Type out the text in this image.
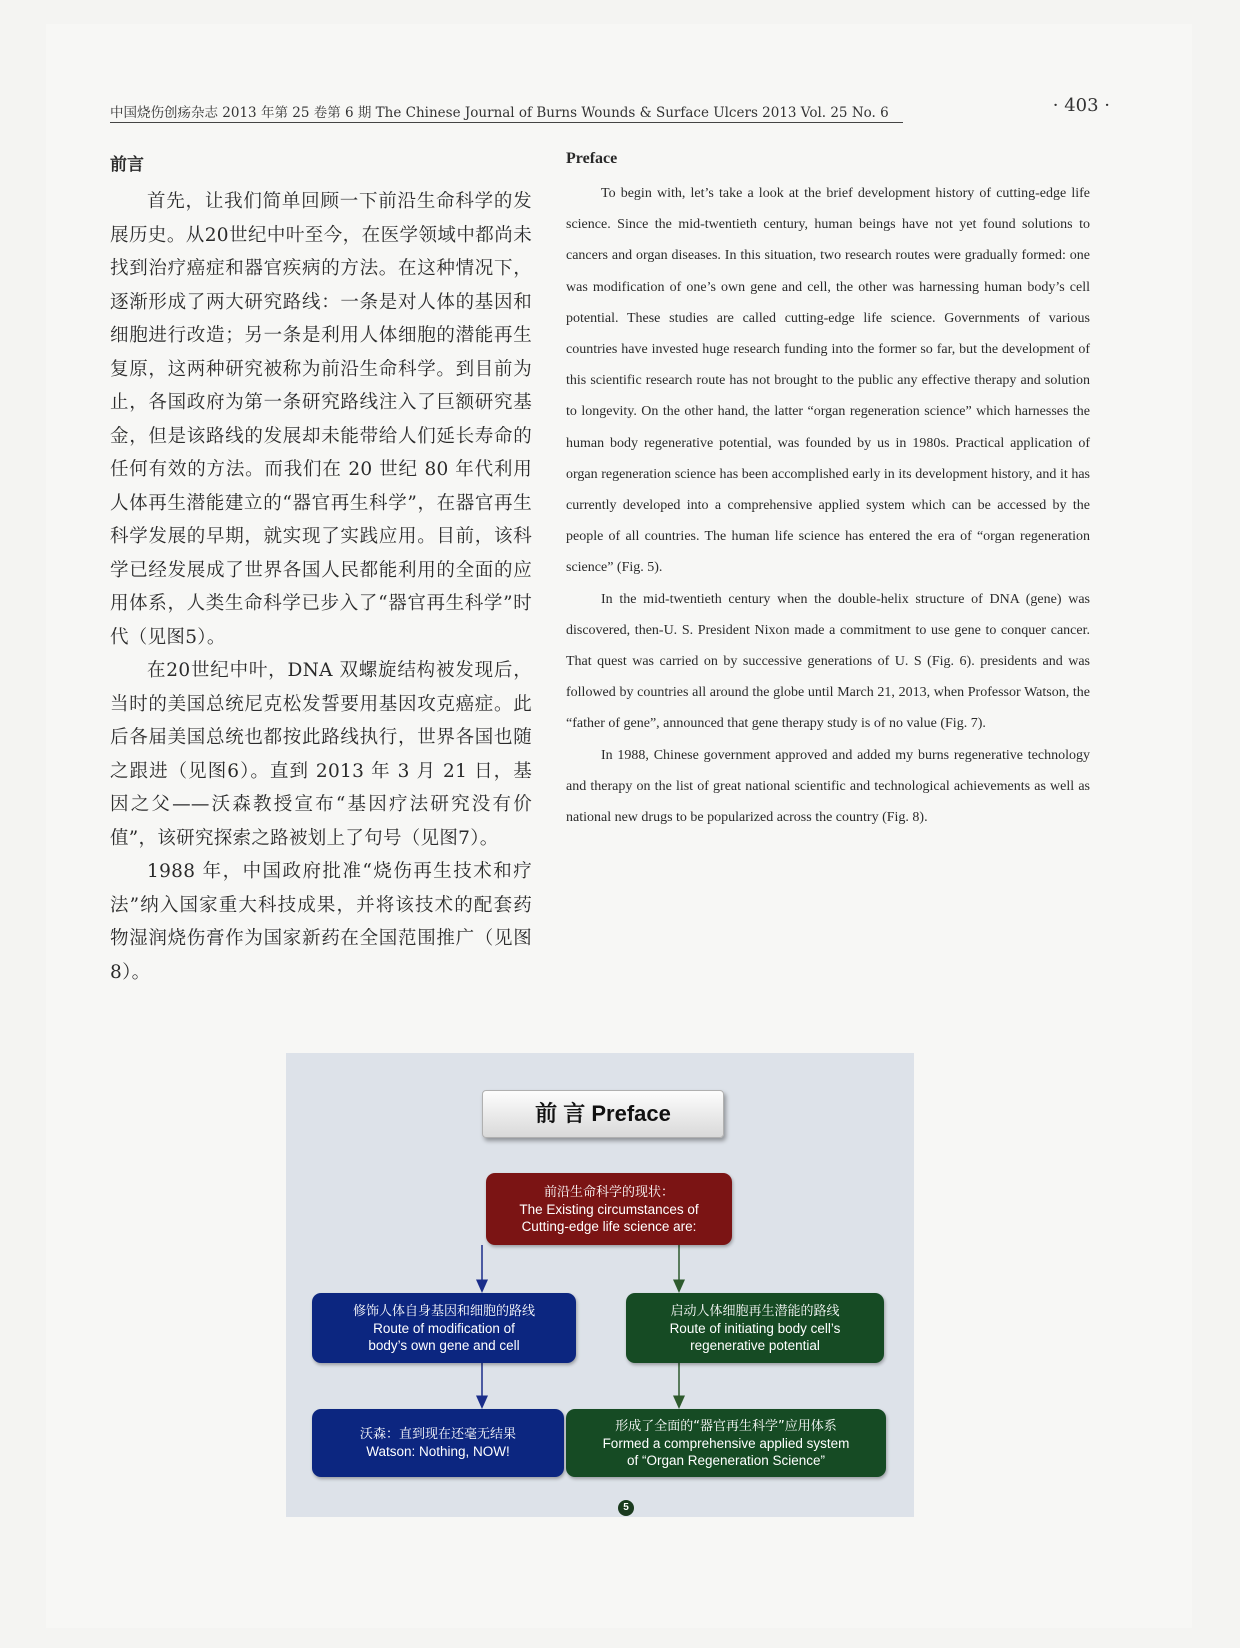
中国烧伤创疡杂志 2013 年第 25 卷第 6 期 The Chinese Journal of Burns Wounds & Surface Ulcers 2013 Vol. 25 No. 6	· 403 ·
前言

首先，让我们简单回顾一下前沿生命科学的发展历史。从20世纪中叶至今，在医学领域中都尚未找到治疗癌症和器官疾病的方法。在这种情况下，逐渐形成了两大研究路线：一条是对人体的基因和细胞进行改造；另一条是利用人体细胞的潜能再生复原，这两种研究被称为前沿生命科学。到目前为止，各国政府为第一条研究路线注入了巨额研究基金，但是该路线的发展却未能带给人们延长寿命的任何有效的方法。而我们在 20 世纪 80 年代利用人体再生潜能建立的“器官再生科学”，在器官再生科学发展的早期，就实现了实践应用。目前，该科学已经发展成了世界各国人民都能利用的全面的应用体系，人类生命科学已步入了“器官再生科学”时代（见图5）。

在20世纪中叶，DNA 双螺旋结构被发现后，当时的美国总统尼克松发誓要用基因攻克癌症。此后各届美国总统也都按此路线执行，世界各国也随之跟进（见图6）。直到 2013 年 3 月 21 日，基因之父——沃森教授宣布“基因疗法研究没有价值”，该研究探索之路被划上了句号（见图7）。

1988 年，中国政府批准“烧伤再生技术和疗法”纳入国家重大科技成果，并将该技术的配套药物湿润烧伤膏作为国家新药在全国范围推广（见图8）。

Preface

To begin with, let’s take a look at the brief development history of cutting-edge life science. Since the mid-twentieth century, human beings have not yet found solutions to cancers and organ diseases. In this situation, two research routes were gradually formed: one was modification of one’s own gene and cell, the other was harnessing human body’s cell potential. These studies are called cutting-edge life science. Governments of various countries have invested huge research funding into the former so far, but the development of this scientific research route has not brought to the public any effective therapy and solution to longevity. On the other hand, the latter “organ regeneration science” which harnesses the human body regenerative potential, was founded by us in 1980s. Practical application of organ regeneration science has been accomplished early in its development history, and it has currently developed into a comprehensive applied system which can be accessed by the people of all countries. The human life science has entered the era of “organ regeneration science” (Fig. 5).

In the mid-twentieth century when the double-helix structure of DNA (gene) was discovered, then-U. S. President Nixon made a commitment to use gene to conquer cancer. That quest was carried on by successive generations of U. S (Fig. 6). presidents and was followed by countries all around the globe until March 21, 2013, when Professor Watson, the “father of gene”, announced that gene therapy study is of no value (Fig. 7).

In 1988, Chinese government approved and added my burns regenerative technology and therapy on the list of great national scientific and technological achievements as well as national new drugs to be popularized across the country (Fig. 8).

前 言 Preface
前沿生命科学的现状：
The Existing circumstances of
Cutting-edge life science are:
修饰人体自身基因和细胞的路线
Route of modification of
body’s own gene and cell
启动人体细胞再生潜能的路线
Route of initiating body cell’s
regenerative potential
沃森：直到现在还毫无结果
Watson: Nothing, NOW!
形成了全面的“器官再生科学”应用体系
Formed a comprehensive applied system
of “Organ Regeneration Science”
5
